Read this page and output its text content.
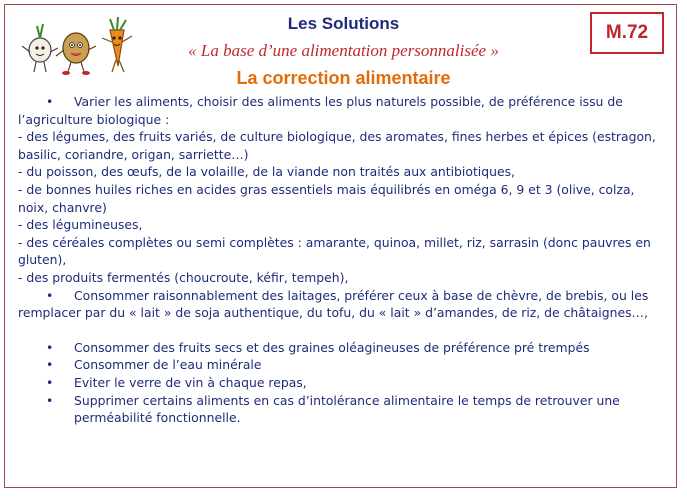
Les Solutions	M.72
« La base d’une alimentation personnalisée »
La correction alimentaire

• Varier les aliments, choisir des aliments les plus naturels possible, de préférence issu de l’agriculture biologique :

- des légumes, des fruits variés, de culture biologique, des aromates, fines herbes et épices (estragon, basilic, coriandre, origan, sarriette…)

- du poisson, des œufs, de la volaille, de la viande non traités aux antibiotiques,

- de bonnes huiles riches en acides gras essentiels mais équilibrés en oméga 6, 9 et 3 (olive, colza, noix, chanvre)

- des légumineuses,

- des céréales complètes ou semi complètes : amarante, quinoa, millet, riz, sarrasin (donc pauvres en gluten),

- des produits fermentés (choucroute, kéfir, tempeh),

• Consommer raisonnablement des laitages, préférer ceux à base de chèvre, de brebis, ou les remplacer par du « lait » de soja authentique, du tofu, du « lait » d’amandes, de riz, de châtaignes…,

• Consommer des fruits secs et des graines oléagineuses de préférence pré trempés

• Consommer de l’eau minérale

• Eviter le verre de vin à chaque repas,

• Supprimer certains aliments en cas d’intolérance alimentaire le temps de retrouver une perméabilité fonctionnelle.
